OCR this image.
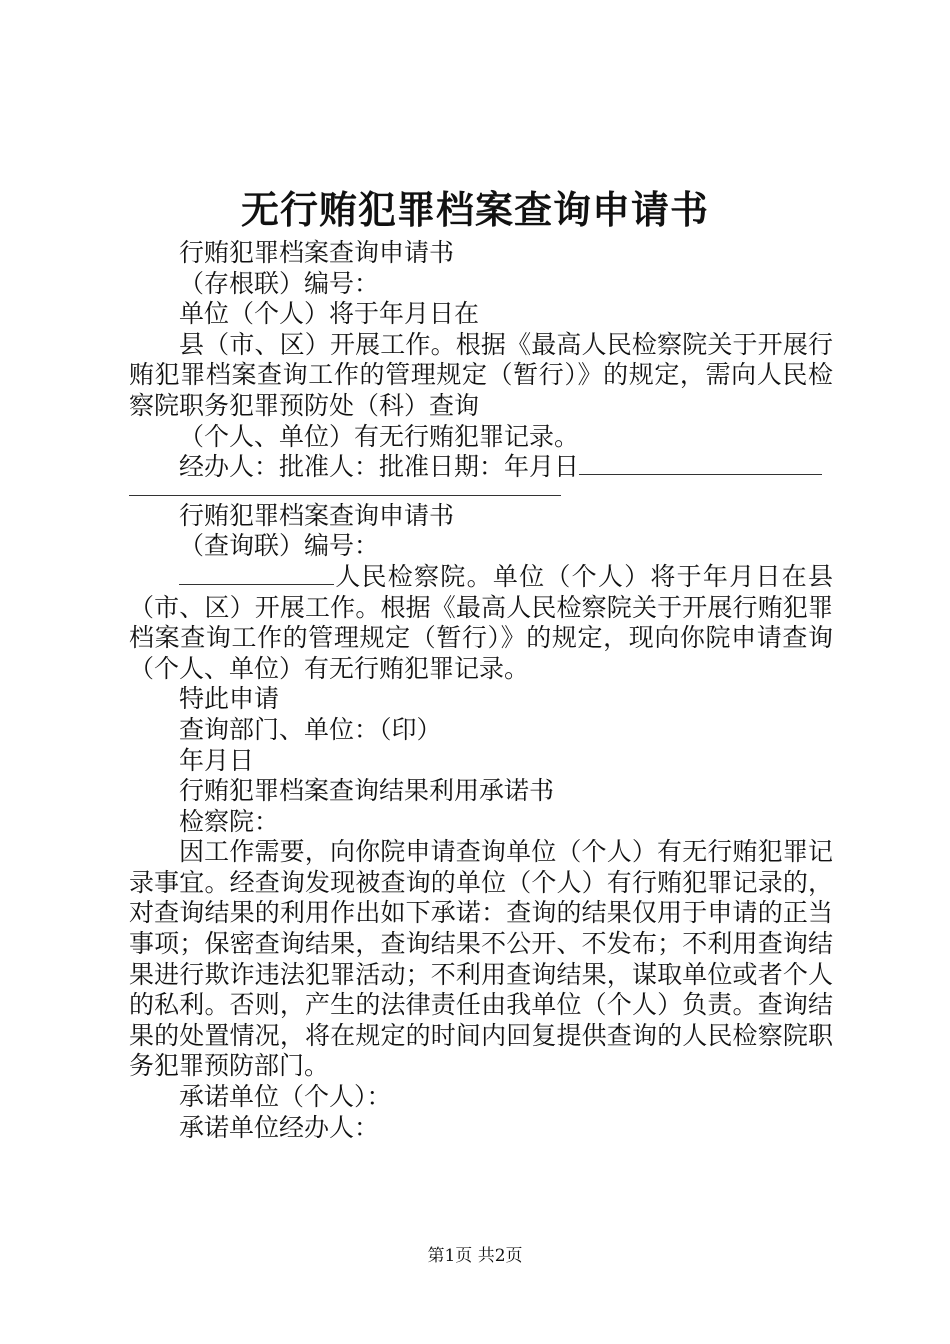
无行贿犯罪档案查询申请书

行贿犯罪档案查询申请书

（存根联）编号：

单位（个人）将于年月日在

县（市、区）开展工作。根据《最高人民检察院关于开展行贿犯罪档案查询工作的管理规定（暂行）》的规定，需向人民检察院职务犯罪预防处（科）查询

（个人、单位）有无行贿犯罪记录。

经办人：批准人：批准日期：年月日

行贿犯罪档案查询申请书

（查询联）编号：

人民检察院。单位（个人）将于年月日在县（市、区）开展工作。根据《最高人民检察院关于开展行贿犯罪档案查询工作的管理规定（暂行）》的规定，现向你院申请查询（个人、单位）有无行贿犯罪记录。

特此申请

查询部门、单位：（印）

年月日

行贿犯罪档案查询结果利用承诺书

检察院：

因工作需要，向你院申请查询单位（个人）有无行贿犯罪记录事宜。经查询发现被查询的单位（个人）有行贿犯罪记录的，对查询结果的利用作出如下承诺：查询的结果仅用于申请的正当事项；保密查询结果，查询结果不公开、不发布；不利用查询结果进行欺诈违法犯罪活动；不利用查询结果，谋取单位或者个人的私利。否则，产生的法律责任由我单位（个人）负责。查询结果的处置情况，将在规定的时间内回复提供查询的人民检察院职务犯罪预防部门。

承诺单位（个人）：

承诺单位经办人：

第1页 共2页
